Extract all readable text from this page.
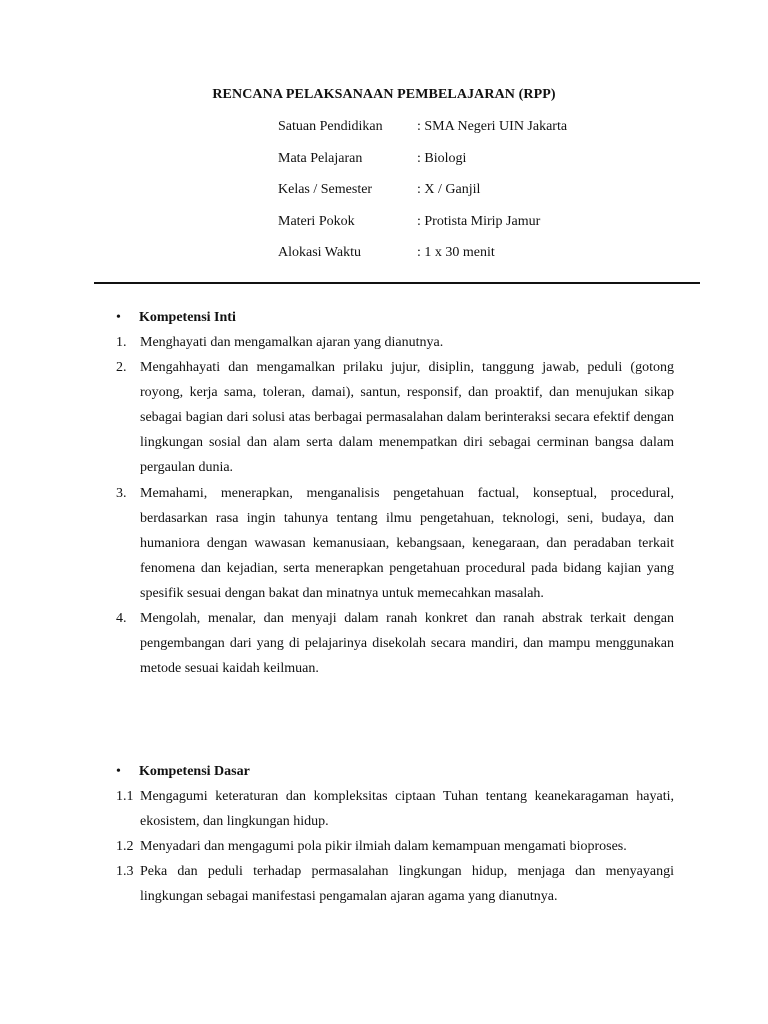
RENCANA PELAKSANAAN PEMBELAJARAN (RPP)
Satuan Pendidikan	: SMA Negeri UIN Jakarta
Mata Pelajaran	: Biologi
Kelas / Semester	: X / Ganjil
Materi Pokok	: Protista Mirip Jamur
Alokasi Waktu	: 1 x 30 menit
•	Kompetensi Inti
1. Menghayati dan mengamalkan ajaran yang dianutnya.
2. Mengahhayati dan mengamalkan prilaku jujur, disiplin, tanggung jawab, peduli (gotong royong, kerja sama, toleran, damai), santun, responsif, dan proaktif, dan menujukan sikap sebagai bagian dari solusi atas berbagai permasalahan dalam berinteraksi secara efektif dengan lingkungan sosial dan alam serta dalam menempatkan diri sebagai cerminan bangsa dalam pergaulan dunia.
3. Memahami, menerapkan, menganalisis pengetahuan factual, konseptual, procedural, berdasarkan rasa ingin tahunya tentang ilmu pengetahuan, teknologi, seni, budaya, dan humaniora dengan wawasan kemanusiaan, kebangsaan, kenegaraan, dan peradaban terkait fenomena dan kejadian, serta menerapkan pengetahuan procedural pada bidang kajian yang spesifik sesuai dengan bakat dan minatnya untuk memecahkan masalah.
4. Mengolah, menalar, dan menyaji dalam ranah konkret dan ranah abstrak terkait dengan pengembangan dari yang di pelajarinya disekolah secara mandiri, dan mampu menggunakan metode sesuai kaidah keilmuan.
•	Kompetensi Dasar
1.1 Mengagumi keteraturan dan kompleksitas ciptaan Tuhan tentang keanekaragaman hayati, ekosistem, dan lingkungan hidup.
1.2 Menyadari dan mengagumi pola pikir ilmiah dalam kemampuan mengamati bioproses.
1.3 Peka dan peduli terhadap permasalahan lingkungan hidup, menjaga dan menyayangi lingkungan sebagai manifestasi pengamalan ajaran agama yang dianutnya.
